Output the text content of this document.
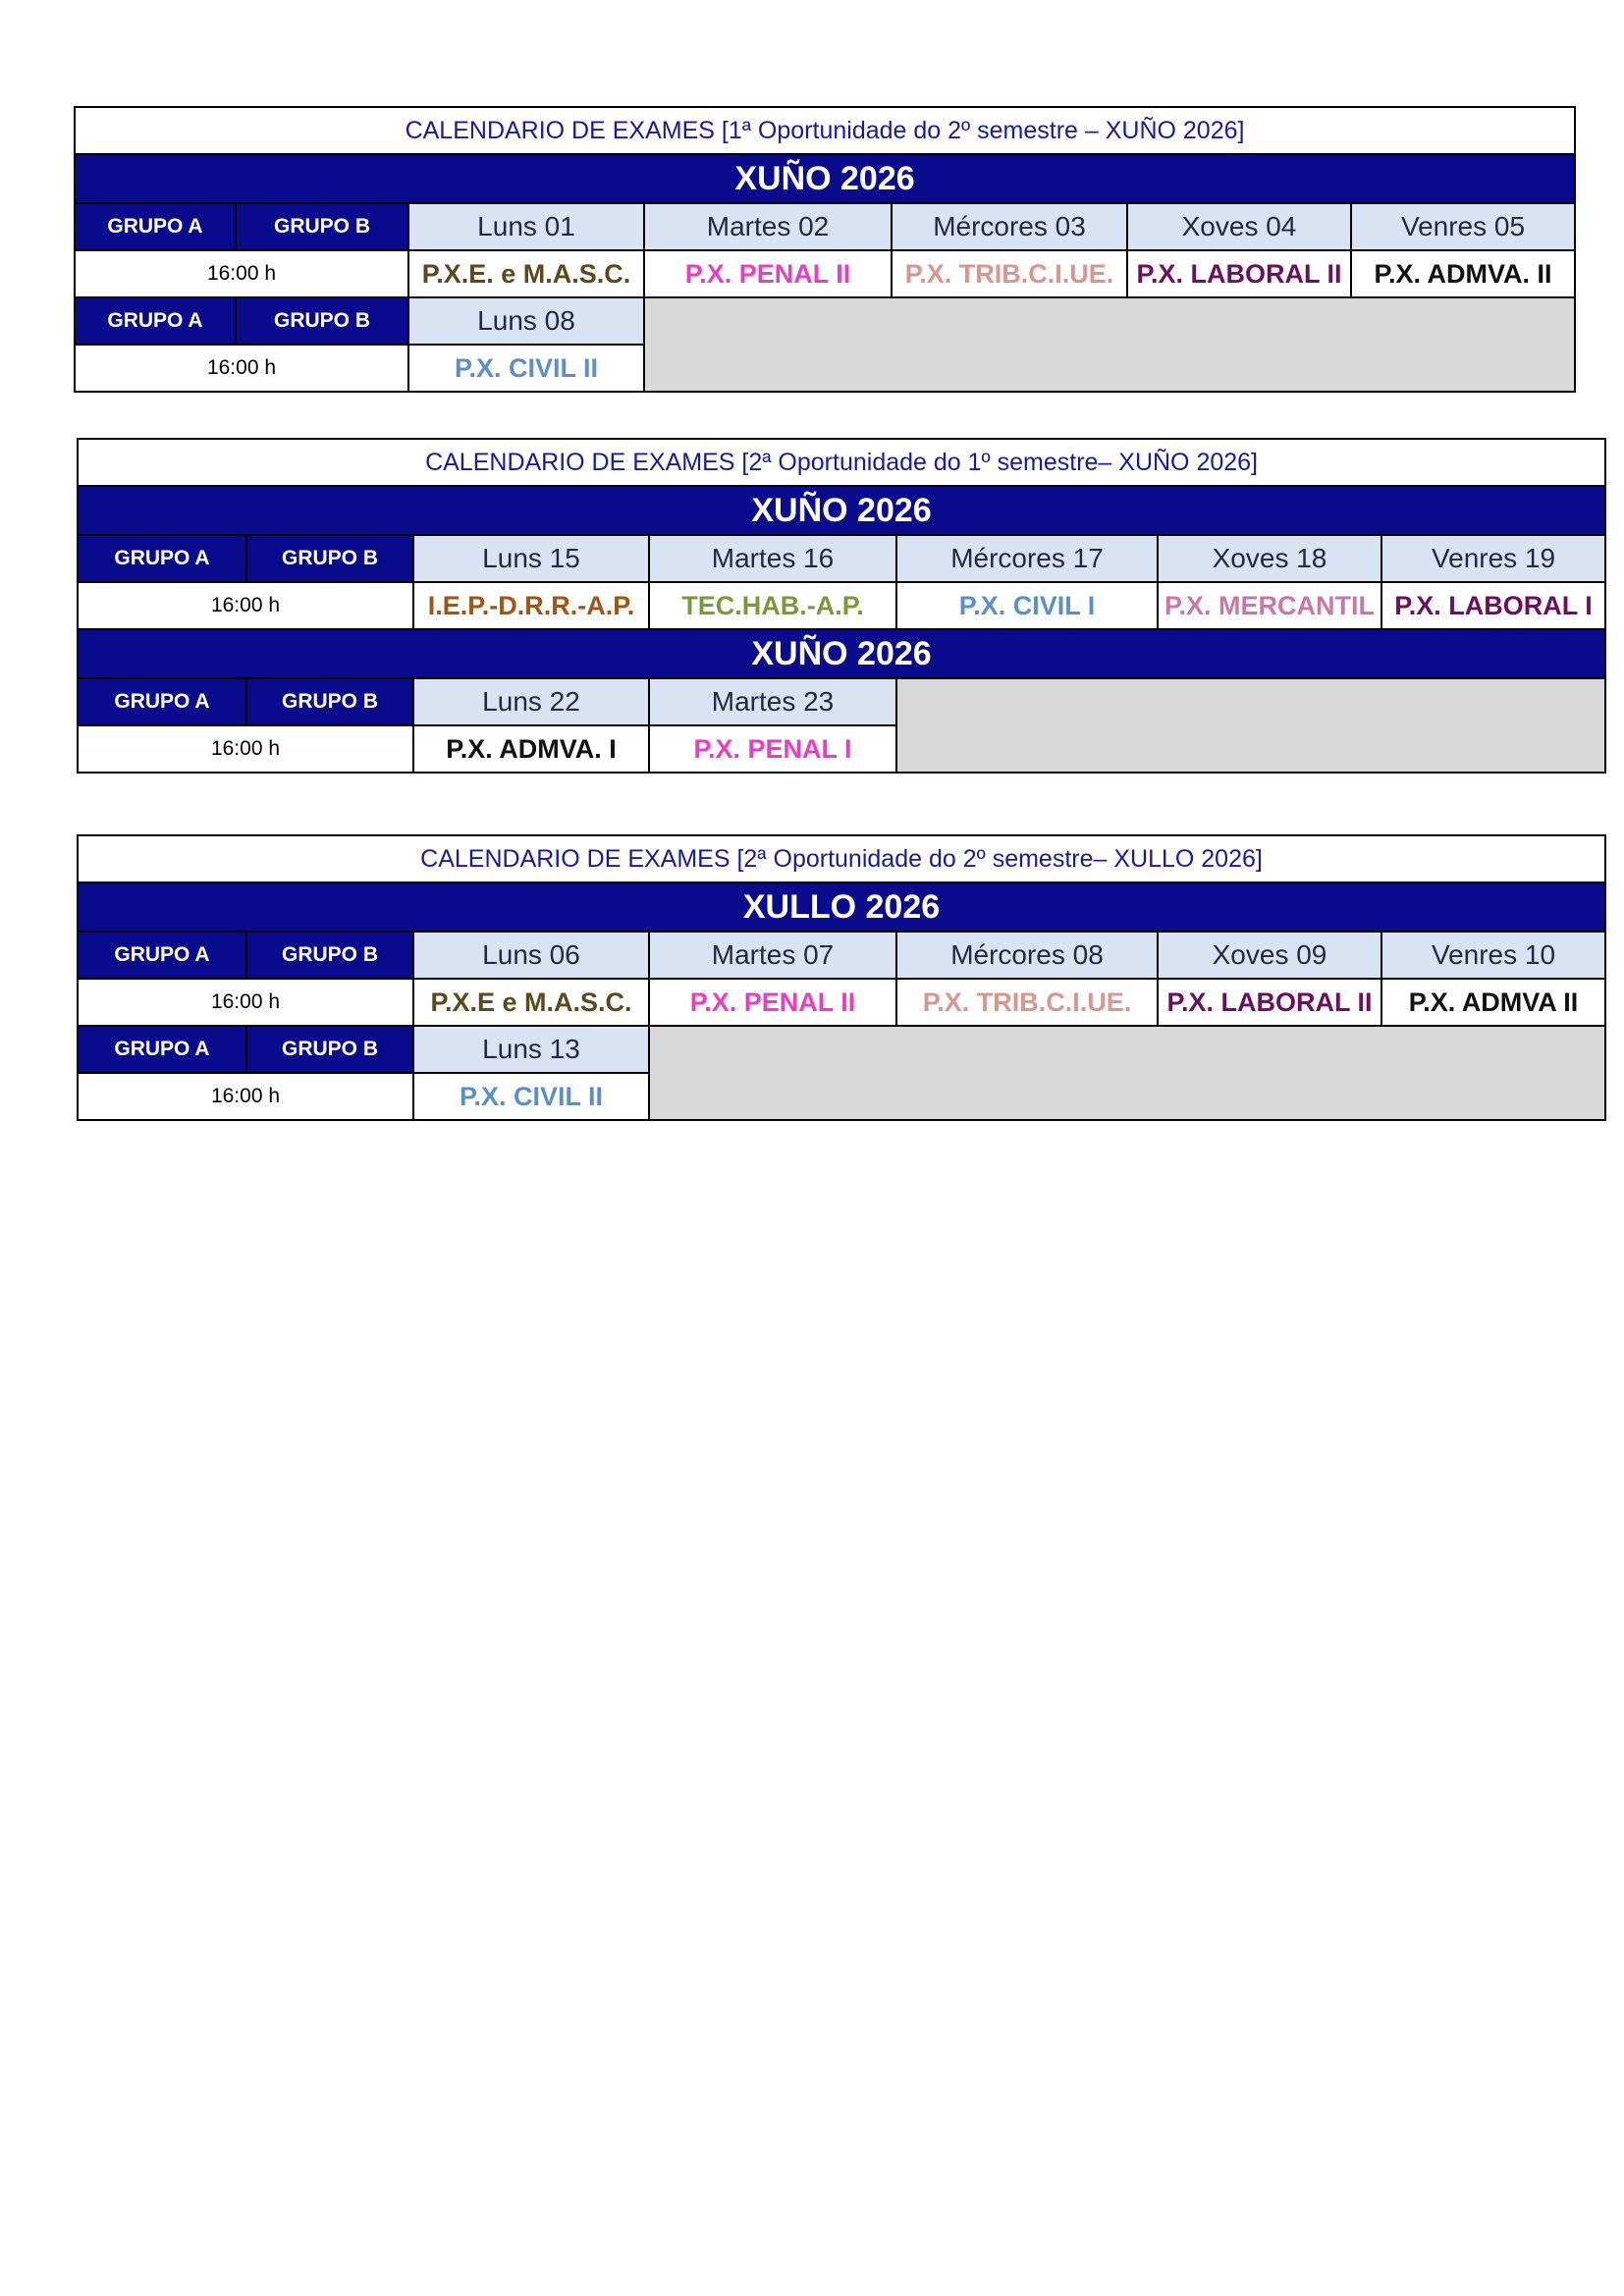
CALENDARIO DE EXAMES [1ª Oportunidade do 2º semestre – XUÑO 2026]						
XUÑO 2026						
GRUPO A	GRUPO B	Luns 01	Martes 02	Mércores 03	Xoves 04	Venres 05
16:00 h		P.X.E. e M.A.S.C.	P.X. PENAL II	P.X. TRIB.C.I.UE.	P.X. LABORAL II	P.X. ADMVA. II
GRUPO A	GRUPO B	Luns 08				
16:00 h		P.X. CIVIL II				
CALENDARIO DE EXAMES [2ª Oportunidade do 1º semestre– XUÑO 2026]						
XUÑO 2026						
GRUPO A	GRUPO B	Luns 15	Martes 16	Mércores 17	Xoves 18	Venres 19
16:00 h		I.E.P.-D.R.R.-A.P.	TEC.HAB.-A.P.	P.X. CIVIL I	P.X. MERCANTIL	P.X. LABORAL I
XUÑO 2026						
GRUPO A	GRUPO B	Luns 22	Martes 23			
16:00 h		P.X. ADMVA. I	P.X. PENAL I			
CALENDARIO DE EXAMES [2ª Oportunidade do 2º semestre– XULLO 2026]						
XULLO 2026						
GRUPO A	GRUPO B	Luns 06	Martes 07	Mércores 08	Xoves 09	Venres 10
16:00 h		P.X.E e M.A.S.C.	P.X. PENAL II	P.X. TRIB.C.I.UE.	P.X. LABORAL II	P.X. ADMVA II
GRUPO A	GRUPO B	Luns 13				
16:00 h		P.X. CIVIL II				
